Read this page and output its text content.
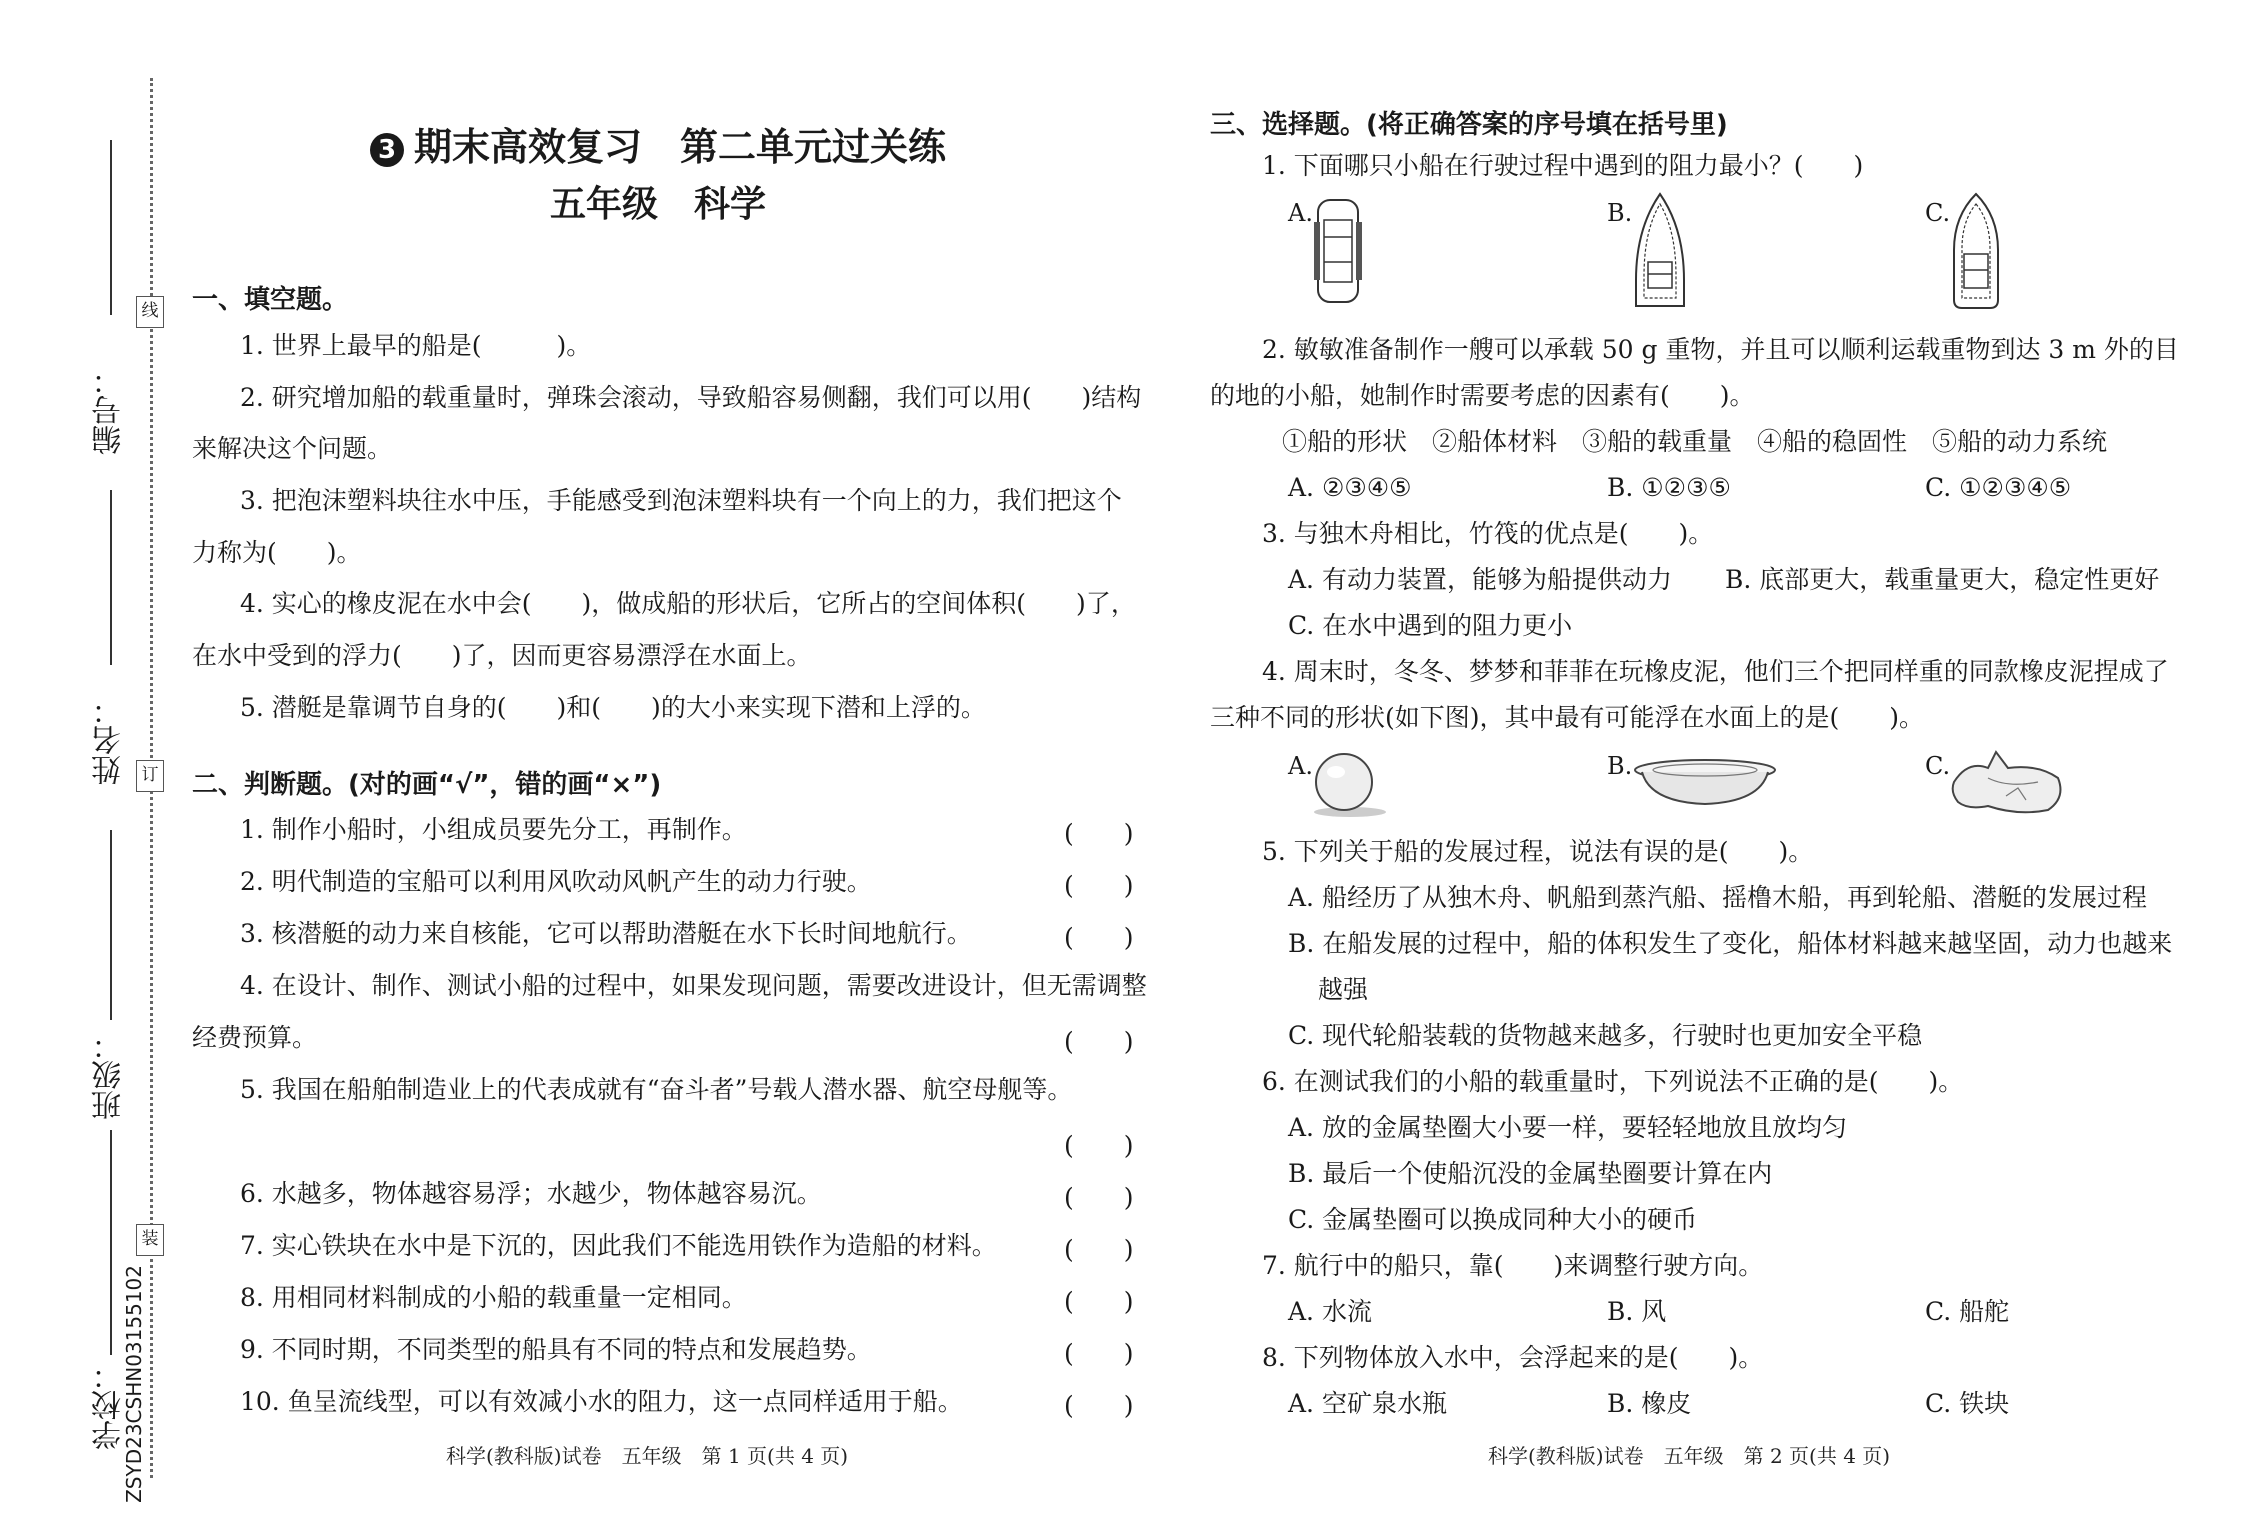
线
订
装
编号：
姓名：
班级：
学校：
ZSYD23CSHN03155102
3 期末高效复习　第二单元过关练
五年级　科学
一、填空题。
1. 世界上最早的船是(　　　)。
2. 研究增加船的载重量时，弹珠会滚动，导致船容易侧翻，我们可以用(　　)结构
来解决这个问题。
3. 把泡沫塑料块往水中压，手能感受到泡沫塑料块有一个向上的力，我们把这个
力称为(　　)。
4. 实心的橡皮泥在水中会(　　)，做成船的形状后，它所占的空间体积(　　)了，
在水中受到的浮力(　　)了，因而更容易漂浮在水面上。
5. 潜艇是靠调节自身的(　　)和(　　)的大小来实现下潜和上浮的。
二、判断题。(对的画“√”，错的画“×”)
1. 制作小船时，小组成员要先分工，再制作。	(　　)
2. 明代制造的宝船可以利用风吹动风帆产生的动力行驶。	(　　)
3. 核潜艇的动力来自核能，它可以帮助潜艇在水下长时间地航行。	(　　)
4. 在设计、制作、测试小船的过程中，如果发现问题，需要改进设计，但无需调整
经费预算。	(　　)
5. 我国在船舶制造业上的代表成就有“奋斗者”号载人潜水器、航空母舰等。
(　　)
6. 水越多，物体越容易浮；水越少，物体越容易沉。	(　　)
7. 实心铁块在水中是下沉的，因此我们不能选用铁作为造船的材料。	(　　)
8. 用相同材料制成的小船的载重量一定相同。	(　　)
9. 不同时期，不同类型的船具有不同的特点和发展趋势。	(　　)
10. 鱼呈流线型，可以有效减小水的阻力，这一点同样适用于船。	(　　)
科学(教科版)试卷　五年级　第 1 页(共 4 页)
三、选择题。(将正确答案的序号填在括号里)
1. 下面哪只小船在行驶过程中遇到的阻力最小？(　　)
A.	B.	C.
2. 敏敏准备制作一艘可以承载 50 g 重物，并且可以顺利运载重物到达 3 m 外的目
的地的小船，她制作时需要考虑的因素有(　　)。
①船的形状　②船体材料　③船的载重量　④船的稳固性　⑤船的动力系统
A. ②③④⑤	B. ①②③⑤	C. ①②③④⑤
3. 与独木舟相比，竹筏的优点是(　　)。
A. 有动力装置，能够为船提供动力 B. 底部更大，载重量更大，稳定性更好
C. 在水中遇到的阻力更小
4. 周末时，冬冬、梦梦和菲菲在玩橡皮泥，他们三个把同样重的同款橡皮泥捏成了
三种不同的形状(如下图)，其中最有可能浮在水面上的是(　　)。
A.	B.	C.
5. 下列关于船的发展过程，说法有误的是(　　)。
A. 船经历了从独木舟、帆船到蒸汽船、摇橹木船，再到轮船、潜艇的发展过程
B. 在船发展的过程中，船的体积发生了变化，船体材料越来越坚固，动力也越来
越强
C. 现代轮船装载的货物越来越多，行驶时也更加安全平稳
6. 在测试我们的小船的载重量时，下列说法不正确的是(　　)。
A. 放的金属垫圈大小要一样，要轻轻地放且放均匀
B. 最后一个使船沉没的金属垫圈要计算在内
C. 金属垫圈可以换成同种大小的硬币
7. 航行中的船只，靠(　　)来调整行驶方向。
A. 水流	B. 风	C. 船舵
8. 下列物体放入水中，会浮起来的是(　　)。
A. 空矿泉水瓶	B. 橡皮	C. 铁块
科学(教科版)试卷　五年级　第 2 页(共 4 页)
